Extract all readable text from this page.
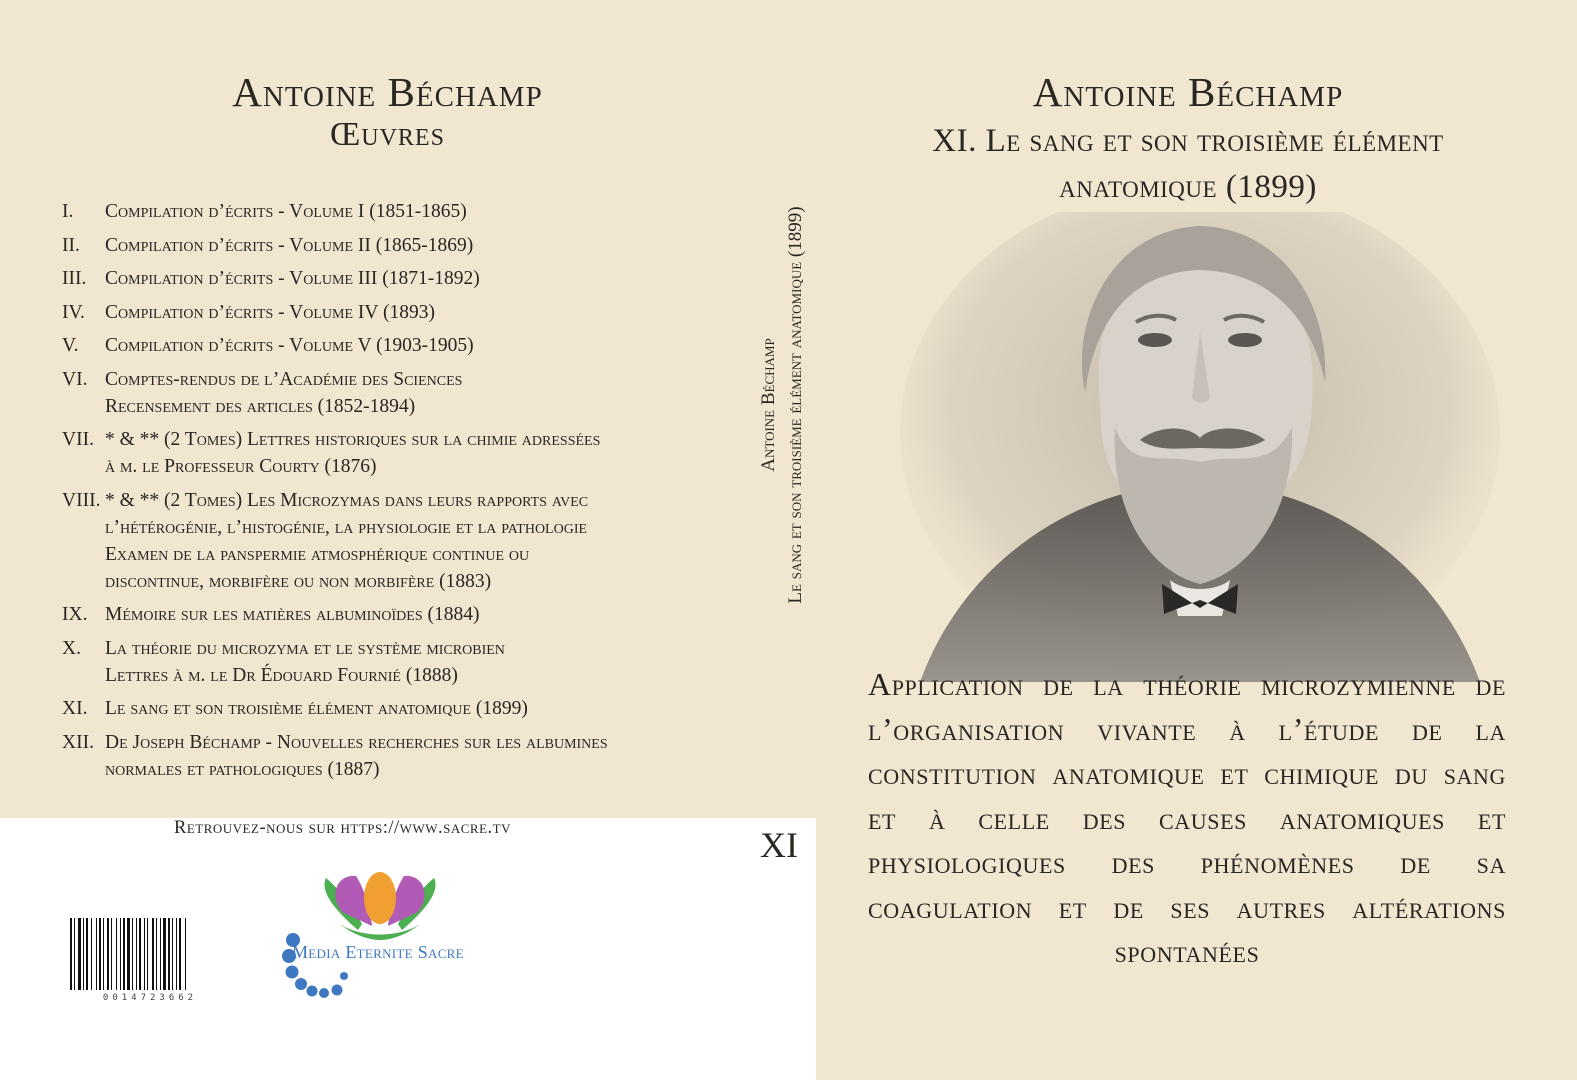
Antoine Béchamp
Œuvres
I. Compilation d’écrits - Volume I (1851-1865)
II. Compilation d’écrits - Volume II (1865-1869)
III. Compilation d’écrits - Volume III (1871-1892)
IV. Compilation d’écrits - Volume IV (1893)
V. Compilation d’écrits - Volume V (1903-1905)
VI. Comptes-rendus de l’Académie des Sciences
Recensement des articles (1852-1894)
VII. * & ** (2 Tomes) Lettres historiques sur la chimie adressées
à m. le Professeur Courty (1876)
VIII. * & ** (2 Tomes) Les Microzymas dans leurs rapports avec
l’hétérogénie, l’histogénie, la physiologie et la pathologie
Examen de la panspermie atmosphérique continue ou
discontinue, morbifère ou non morbifère (1883)
IX. Mémoire sur les matières albuminoïdes (1884)
X. La théorie du microzyma et le système microbien
Lettres à m. le Dr Édouard Fournié (1888)
XI. Le sang et son troisième élément anatomique (1899)
XII. De Joseph Béchamp - Nouvelles recherches sur les albumines
normales et pathologiques (1887)
Retrouvez-nous sur https://www.sacre.tv
0014723662
Media Eternite Sacre
Antoine Béchamp Le sang et son troisième élément anatomique (1899)
XI
Antoine Béchamp
XI. Le sang et son troisième élément
anatomique (1899)
Application de la théorie microzymienne de l’organisation vivante à l’étude de la constitution anatomique et chimique du sang et à celle des causes anatomiques et physiologiques des phénomènes de sa coagulation et de ses autres altérations spontanées
